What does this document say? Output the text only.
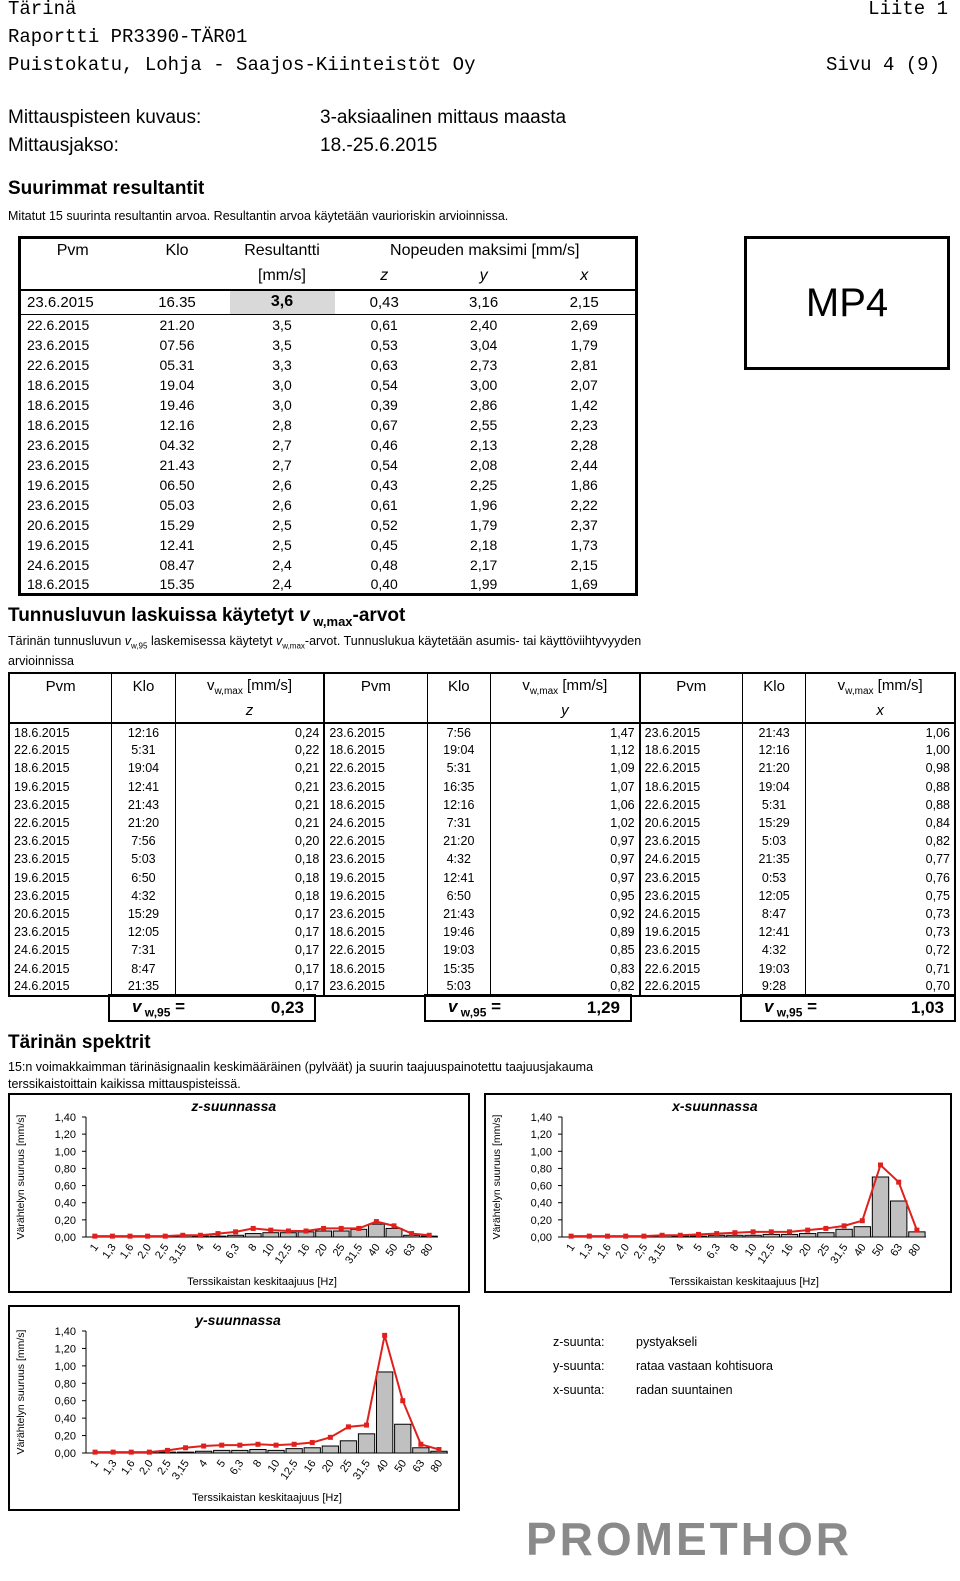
Tärinä	Liite 1
Raportti PR3390-TÄR01
Puistokatu, Lohja - Saajos-Kiinteistöt Oy	Sivu 4 (9)
Mittauspisteen kuvaus:	3-aksiaalinen mittaus maasta
Mittausjakso:	18.-25.6.2015
Suurimmat resultantit
Mitatut 15 suurinta resultantin arvoa. Resultantin arvoa käytetään vaurioriskin arvioinnissa.
Pvm	Klo	Resultantti	Nopeuden maksimi [mm/s]		
		[mm/s]	z	y	x
23.6.2015	16.35	3,6	0,43	3,16	2,15
22.6.2015	21.20	3,5	0,61	2,40	2,69
23.6.2015	07.56	3,5	0,53	3,04	1,79
22.6.2015	05.31	3,3	0,63	2,73	2,81
18.6.2015	19.04	3,0	0,54	3,00	2,07
18.6.2015	19.46	3,0	0,39	2,86	1,42
18.6.2015	12.16	2,8	0,67	2,55	2,23
23.6.2015	04.32	2,7	0,46	2,13	2,28
23.6.2015	21.43	2,7	0,54	2,08	2,44
19.6.2015	06.50	2,6	0,43	2,25	1,86
23.6.2015	05.03	2,6	0,61	1,96	2,22
20.6.2015	15.29	2,5	0,52	1,79	2,37
19.6.2015	12.41	2,5	0,45	2,18	1,73
24.6.2015	08.47	2,4	0,48	2,17	2,15
18.6.2015	15.35	2,4	0,40	1,99	1,69
MP4
Tunnusluvun laskuissa käytetyt v $_{w,max}$-arvot
Tärinän tunnusluvun $v_{w,95}$ laskemisessa käytetyt $v_{w,max}$-arvot. Tunnuslukua käytetään asumis- tai käyttöviihtyvyyden
arvioinnissa
Pvm	Klo	$v_{w,max}$ [mm/s]	Pvm	Klo	$v_{w,max}$ [mm/s]	Pvm	Klo	$v_{w,max}$ [mm/s]
		z			y			x
18.6.2015	12:16	0,24	23.6.2015	7:56	1,47	23.6.2015	21:43	1,06
22.6.2015	5:31	0,22	18.6.2015	19:04	1,12	18.6.2015	12:16	1,00
18.6.2015	19:04	0,21	22.6.2015	5:31	1,09	22.6.2015	21:20	0,98
19.6.2015	12:41	0,21	23.6.2015	16:35	1,07	18.6.2015	19:04	0,88
23.6.2015	21:43	0,21	18.6.2015	12:16	1,06	22.6.2015	5:31	0,88
22.6.2015	21:20	0,21	24.6.2015	7:31	1,02	20.6.2015	15:29	0,84
23.6.2015	7:56	0,20	22.6.2015	21:20	0,97	23.6.2015	5:03	0,82
23.6.2015	5:03	0,18	23.6.2015	4:32	0,97	24.6.2015	21:35	0,77
19.6.2015	6:50	0,18	19.6.2015	12:41	0,97	23.6.2015	0:53	0,76
23.6.2015	4:32	0,18	19.6.2015	6:50	0,95	23.6.2015	12:05	0,75
20.6.2015	15:29	0,17	23.6.2015	21:43	0,92	24.6.2015	8:47	0,73
23.6.2015	12:05	0,17	18.6.2015	19:46	0,89	19.6.2015	12:41	0,73
24.6.2015	7:31	0,17	22.6.2015	19:03	0,85	23.6.2015	4:32	0,72
24.6.2015	8:47	0,17	18.6.2015	15:35	0,83	22.6.2015	19:03	0,71
24.6.2015	21:35	0,17	23.6.2015	5:03	0,82	22.6.2015	9:28	0,70
v $_{w,95}$ =	0,23	v $_{w,95}$ =	1,29	v $_{w,95}$ =	1,03
Tärinän spektrit
15:n voimakkaimman tärinäsignaalin keskimääräinen (pylväät) ja suurin taajuuspainotettu taajuusjakauma
terssikaistoittain kaikissa mittauspisteissä.
z-suunnassa
Värähtelyn suuruus [mm/s]	0,00
0,20
0,40
0,60
0,80
1,00
1,20
1,40
1
1,3
1,6
2,0
2,5
3,15 4 5
6,3 8 10
12,5 16 20 25
31,5 40 50 63 80
Terssikaistan keskitaajuus [Hz]
x-suunnassa
Värähtelyn suuruus [mm/s]	0,00
0,20
0,40
0,60
0,80
1,00
1,20
1,40
1 1,3 1,6 2,0 2,5
3,15 4 5 6,3 8 10
12,5 16 20 25
31,5 40 50 63 80
Terssikaistan keskitaajuus [Hz]
y-suunnassa
Värähtelyn suuruus [mm/s]	0,00
0,20
0,40
0,60
0,80
1,00
1,20
1,40
1 1,3 1,6 2,0 2,5
3,15 4 5 6,3 8 10
12,5 16 20 25
31,5 40 50 63 80
Terssikaistan keskitaajuus [Hz]
z-suunta:	pystyakseli
y-suunta:	rataa vastaan kohtisuora
x-suunta:	radan suuntainen
PROMETHOR
